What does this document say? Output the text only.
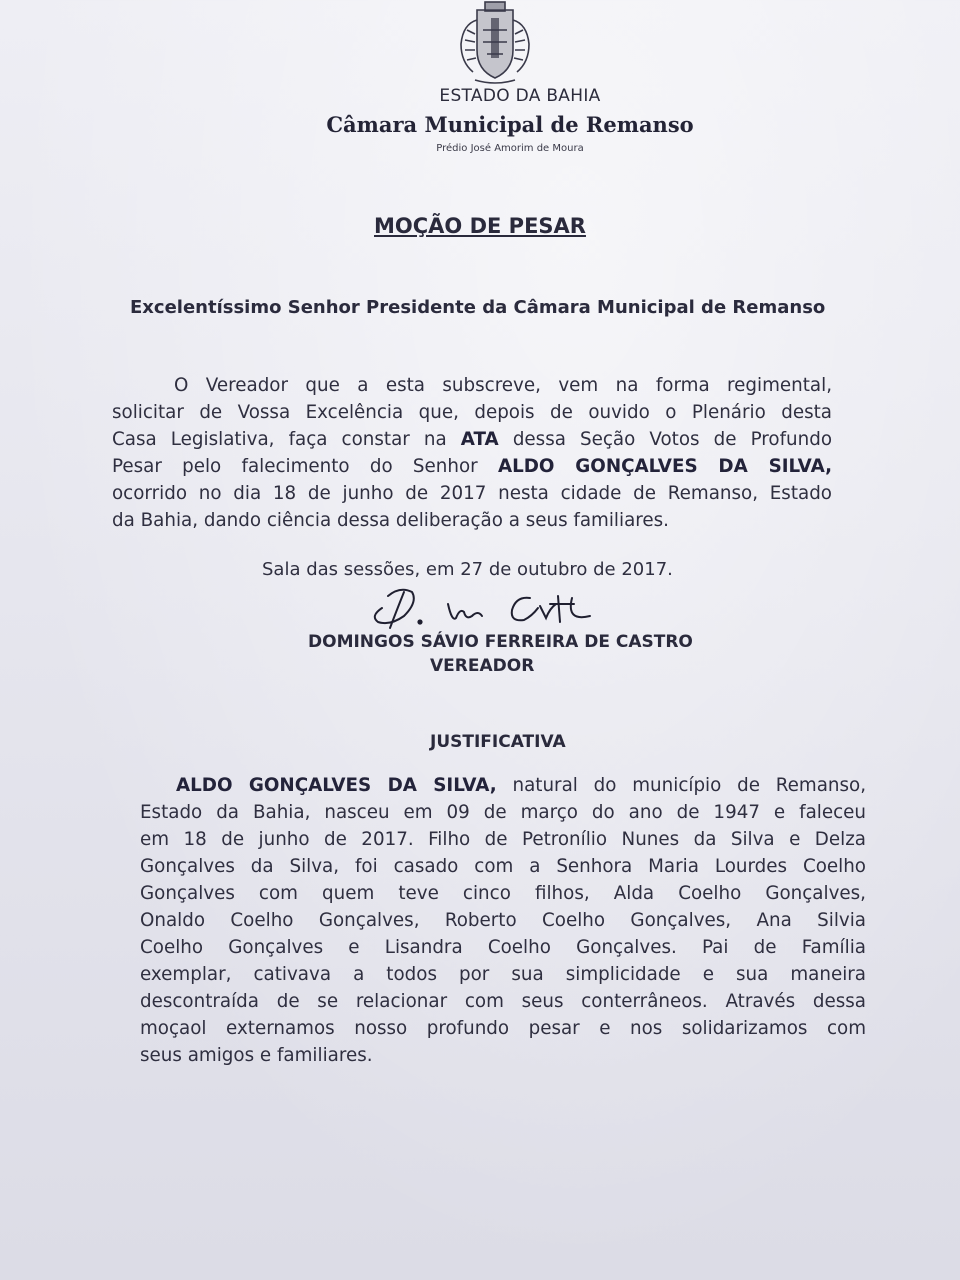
ESTADO DA BAHIA
Câmara Municipal de Remanso
Prédio José Amorim de Moura
MOÇÃO DE PESAR
Excelentíssimo Senhor Presidente da Câmara Municipal de Remanso
O Vereador que a esta subscreve, vem na forma regimental,
solicitar de Vossa Excelência que, depois de ouvido o Plenário desta
Casa Legislativa, faça constar na ATA dessa Seção Votos de Profundo
Pesar pelo falecimento do Senhor ALDO GONÇALVES DA SILVA,
ocorrido no dia 18 de junho de 2017 nesta cidade de Remanso, Estado
da Bahia, dando ciência dessa deliberação a seus familiares.
Sala das sessões, em 27 de outubro de 2017.
DOMINGOS SÁVIO FERREIRA DE CASTRO
VEREADOR
JUSTIFICATIVA
ALDO GONÇALVES DA SILVA, natural do município de Remanso,
Estado da Bahia, nasceu em 09 de março do ano de 1947 e faleceu
em 18 de junho de 2017. Filho de Petronílio Nunes da Silva e Delza
Gonçalves da Silva, foi casado com a Senhora Maria Lourdes Coelho
Gonçalves com quem teve cinco filhos, Alda Coelho Gonçalves,
Onaldo Coelho Gonçalves, Roberto Coelho Gonçalves, Ana Silvia
Coelho Gonçalves e Lisandra Coelho Gonçalves. Pai de Família
exemplar, cativava a todos por sua simplicidade e sua maneira
descontraída de se relacionar com seus conterrâneos. Através dessa
moçaol externamos nosso profundo pesar e nos solidarizamos com
seus amigos e familiares.
